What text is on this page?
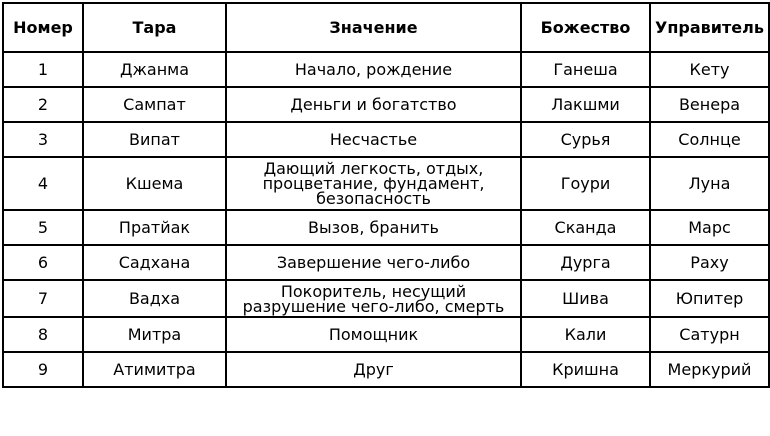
Номер	Тара	Значение	Божество	Управитель
1	Джанма	Начало, рождение	Ганеша	Кету
2	Сампат	Деньги и богатство	Лакшми	Венера
3	Випат	Несчастье	Сурья	Солнце
4	Кшема	Дающий легкость, отдых, процветание, фундамент, безопасность	Гоури	Луна
5	Пратйак	Вызов, бранить	Сканда	Марс
6	Садхана	Завершение чего-либо	Дурга	Раху
7	Вадха	Покоритель, несущий разрушение чего-либо, смерть	Шива	Юпитер
8	Митра	Помощник	Кали	Сатурн
9	Атимитра	Друг	Кришна	Меркурий
